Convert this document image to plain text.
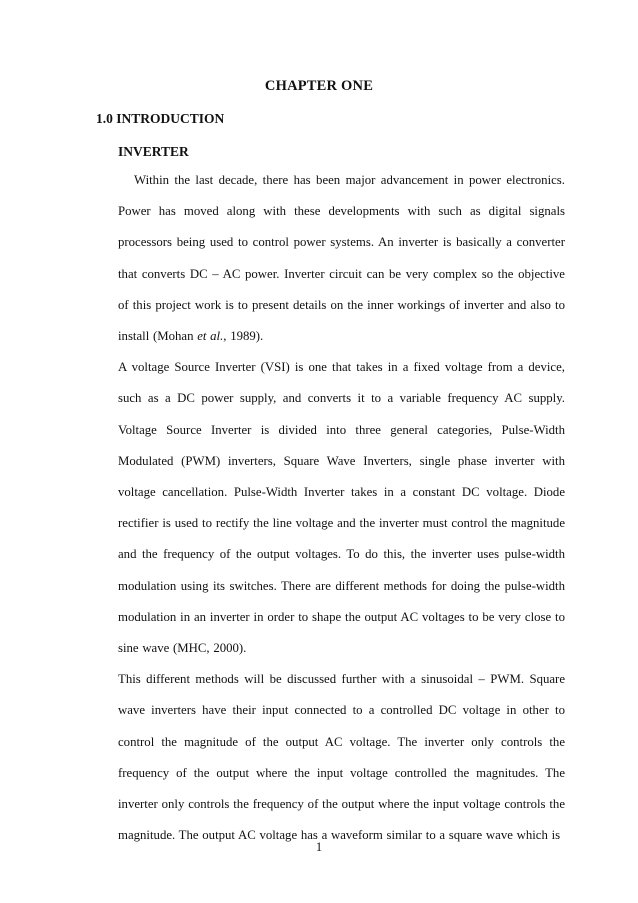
CHAPTER ONE
1.0 INTRODUCTION
INVERTER

Within the last decade, there has been major advancement in power electronics. Power has moved along with these developments with such as digital signals processors being used to control power systems. An inverter is basically a converter that converts DC – AC power. Inverter circuit can be very complex so the objective of this project work is to present details on the inner workings of inverter and also to install (Mohan et al., 1989).

A voltage Source Inverter (VSI) is one that takes in a fixed voltage from a device, such as a DC power supply, and converts it to a variable frequency AC supply. Voltage Source Inverter is divided into three general categories, Pulse-Width Modulated (PWM) inverters, Square Wave Inverters, single phase inverter with voltage cancellation. Pulse-Width Inverter takes in a constant DC voltage. Diode rectifier is used to rectify the line voltage and the inverter must control the magnitude and the frequency of the output voltages. To do this, the inverter uses pulse-width modulation using its switches. There are different methods for doing the pulse-width modulation in an inverter in order to shape the output AC voltages to be very close to sine wave (MHC, 2000).

This different methods will be discussed further with a sinusoidal – PWM. Square wave inverters have their input connected to a controlled DC voltage in other to control the magnitude of the output AC voltage. The inverter only controls the frequency of the output where the input voltage controlled the magnitudes. The inverter only controls the frequency of the output where the input voltage controls the magnitude. The output AC voltage has a waveform similar to a square wave which is

1
